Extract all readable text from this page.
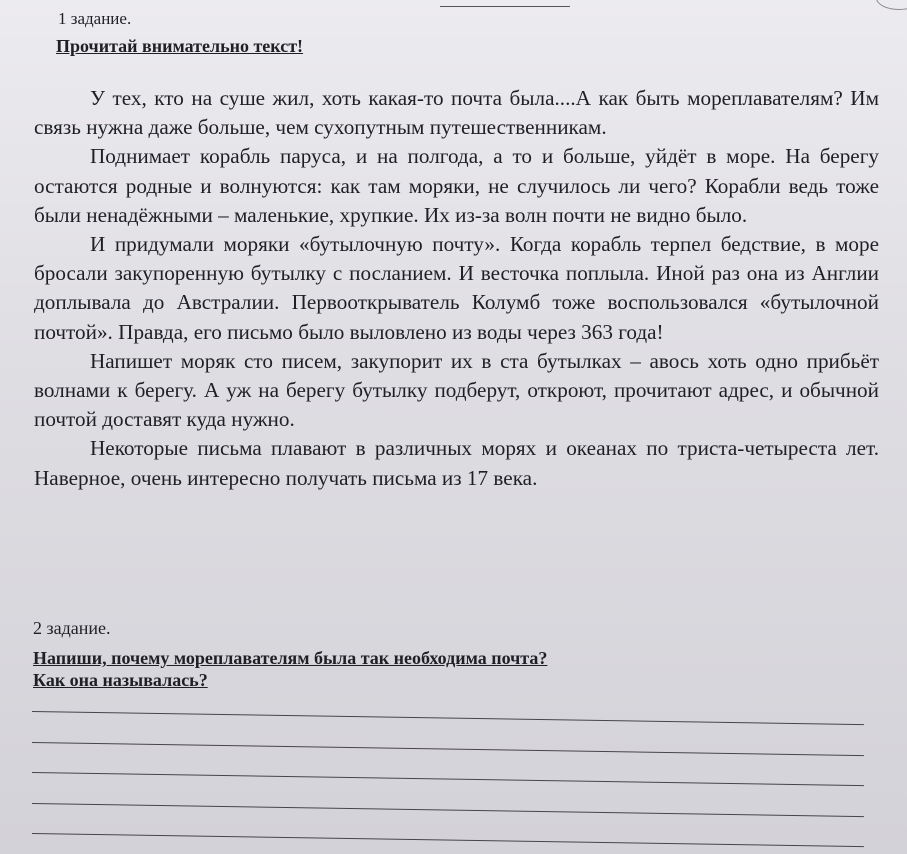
1 задание.
Прочитай внимательно текст!

У тех, кто на суше жил, хоть какая-то почта была....А как быть мореплавателям? Им связь нужна даже больше, чем сухопутным путешественникам.

Поднимает корабль паруса, и на полгода, а то и больше, уйдёт в море. На берегу остаются родные и волнуются: как там моряки, не случилось ли чего? Корабли ведь тоже были ненадёжными – маленькие, хрупкие. Их из-за волн почти не видно было.

И придумали моряки «бутылочную почту». Когда корабль терпел бедствие, в море бросали закупоренную бутылку с посланием. И весточка поплыла. Иной раз она из Англии доплывала до Австралии. Первооткрыватель Колумб тоже воспользовался «бутылочной почтой». Правда, его письмо было выловлено из воды через 363 года!

Напишет моряк сто писем, закупорит их в ста бутылках – авось хоть одно прибьёт волнами к берегу. А уж на берегу бутылку подберут, откроют, прочитают адрес, и обычной почтой доставят куда нужно.

Некоторые письма плавают в различных морях и океанах по триста-четыреста лет. Наверное, очень интересно получать письма из 17 века.

2 задание.
Напиши, почему мореплавателям была так необходима почта?
Как она называлась?
